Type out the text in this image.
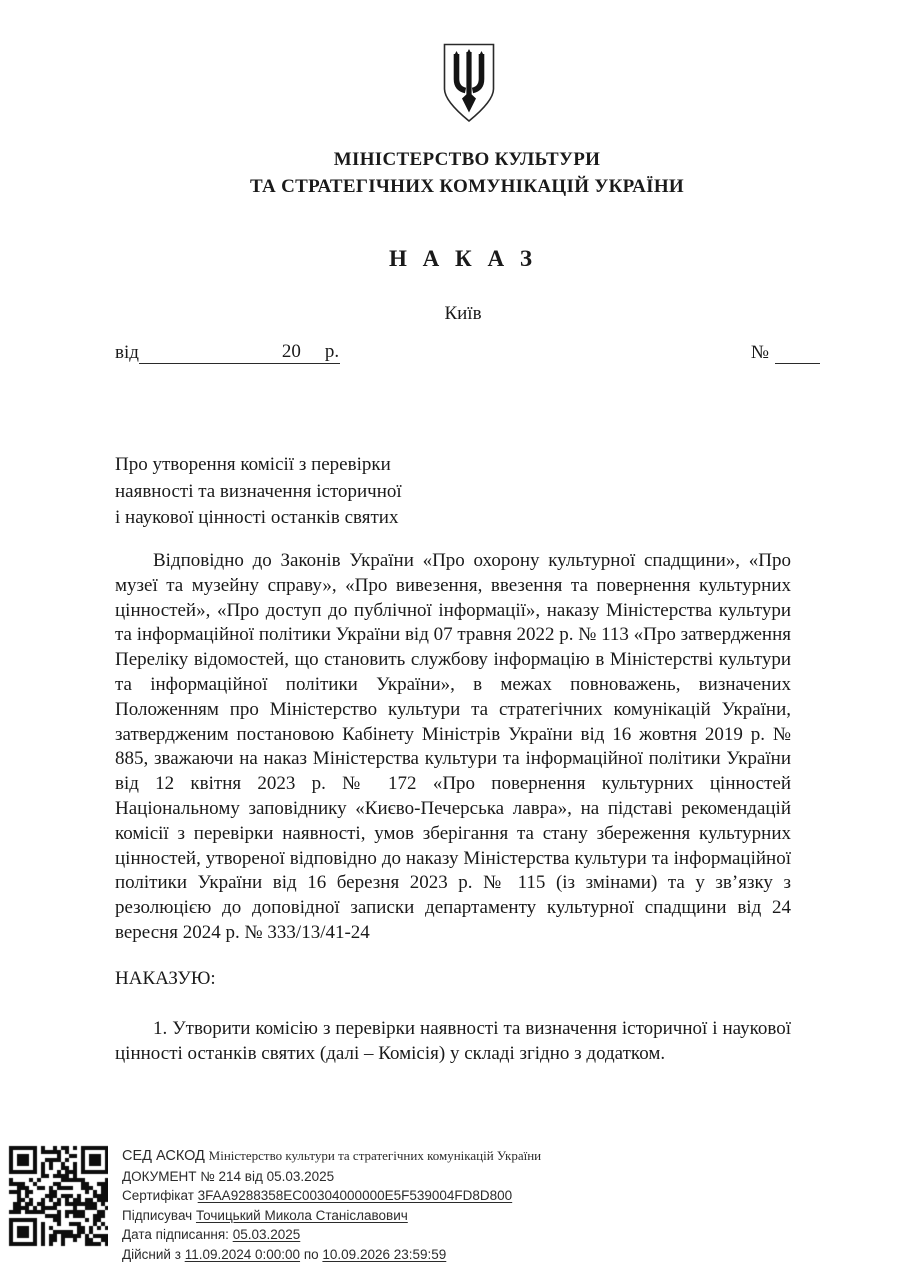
МІНІСТЕРСТВО КУЛЬТУРИ
ТА СТРАТЕГІЧНИХ КОМУНІКАЦІЙ УКРАЇНИ
Н А К А З
Київ
від	20 р.	№
Про утворення комісії з перевірки
наявності та визначення історичної
і наукової цінності останків святих

Відповідно до Законів України «Про охорону культурної спадщини», «Про музеї та музейну справу», «Про вивезення, ввезення та повернення культурних цінностей», «Про доступ до публічної інформації», наказу Міністерства культури та інформаційної політики України від 07 травня 2022 р. № 113 «Про затвердження Переліку відомостей, що становить службову інформацію в Міністерстві культури та інформаційної політики України», в межах повноважень, визначених Положенням про Міністерство культури та стратегічних комунікацій України, затвердженим постановою Кабінету Міністрів України від 16 жовтня 2019 р. № 885, зважаючи на наказ Міністерства культури та інформаційної політики України від 12 квітня 2023 р. № 172 «Про повернення культурних цінностей Національному заповіднику «Києво-Печерська лавра», на підставі рекомендацій комісії з перевірки наявності, умов зберігання та стану збереження культурних цінностей, утвореної відповідно до наказу Міністерства культури та інформаційної політики України від 16 березня 2023 р. № 115 (із змінами) та у зв’язку з резолюцією до доповідної записки департаменту культурної спадщини від 24 вересня 2024 р. № 333/13/41-24

НАКАЗУЮ:

1. Утворити комісію з перевірки наявності та визначення історичної і наукової цінності останків святих (далі – Комісія) у складі згідно з додатком.

СЕД АСКОД Міністерство культури та стратегічних комунікацій України
ДОКУМЕНТ № 214 від 05.03.2025
Сертифікат 3FAA9288358EC00304000000E5F539004FD8D800
Підписувач Точицький Микола Станіславович
Дата підписання: 05.03.2025
Дійсний з 11.09.2024 0:00:00 по 10.09.2026 23:59:59
